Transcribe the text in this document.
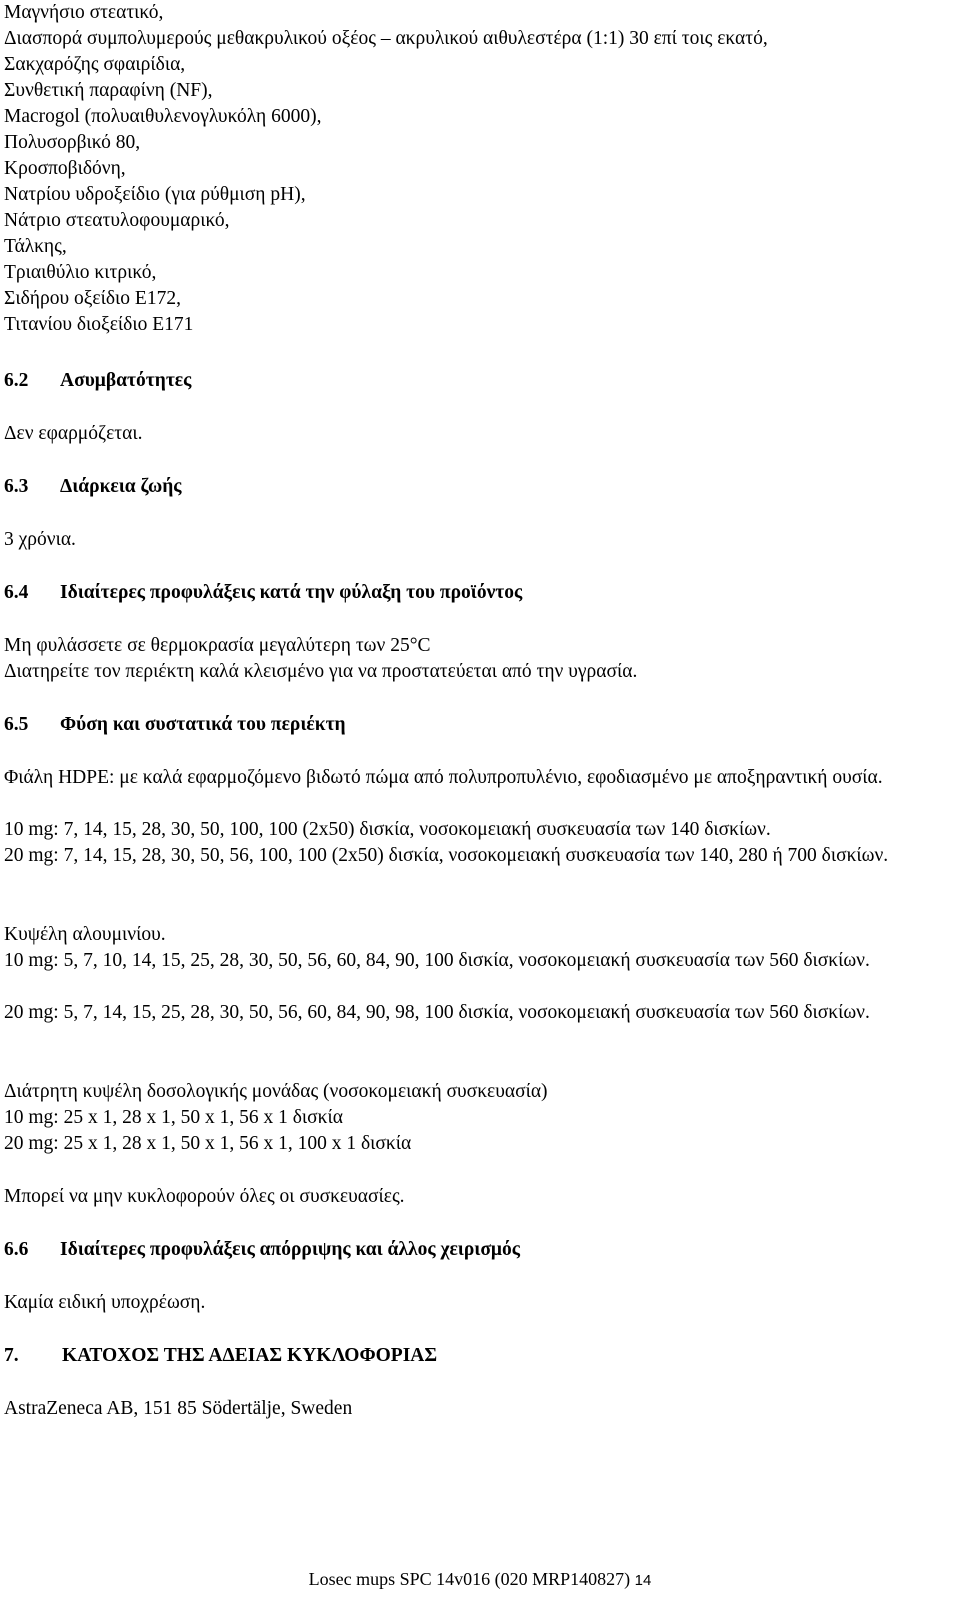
Μαγνήσιο στεατικό,
Διασπορά συμπολυμερούς μεθακρυλικού οξέος – ακρυλικού αιθυλεστέρα (1:1) 30 επί τοις εκατό,
Σακχαρόζης σφαιρίδια,
Συνθετική παραφίνη (NF),
Macrogol (πολυαιθυλενογλυκόλη 6000),
Πολυσορβικό 80,
Κροσποβιδόνη,
Νατρίου υδροξείδιο (για ρύθμιση pH),
Νάτριο στεατυλοφουμαρικό,
Τάλκης,
Τριαιθύλιο κιτρικό,
Σιδήρου οξείδιο E172,
Τιτανίου διοξείδιο E171
6.2 Ασυμβατότητες
Δεν εφαρμόζεται.
6.3 Διάρκεια ζωής
3 χρόνια.
6.4 Ιδιαίτερες προφυλάξεις κατά την φύλαξη του προϊόντος
Μη φυλάσσετε σε θερμοκρασία μεγαλύτερη των 25°C
Διατηρείτε τον περιέκτη καλά κλεισμένο για να προστατεύεται από την υγρασία.
6.5 Φύση και συστατικά του περιέκτη
Φιάλη HDPE: με καλά εφαρμοζόμενο βιδωτό πώμα από πολυπροπυλένιο, εφοδιασμένο με αποξηραντική ουσία.
10 mg: 7, 14, 15, 28, 30, 50, 100, 100 (2x50) δισκία, νοσοκομειακή συσκευασία των 140 δισκίων.
20 mg: 7, 14, 15, 28, 30, 50, 56, 100, 100 (2x50) δισκία, νοσοκομειακή συσκευασία των 140, 280 ή 700 δισκίων.
Κυψέλη αλουμινίου.
10 mg: 5, 7, 10, 14, 15, 25, 28, 30, 50, 56, 60, 84, 90, 100 δισκία, νοσοκομειακή συσκευασία των 560 δισκίων.
20 mg: 5, 7, 14, 15, 25, 28, 30, 50, 56, 60, 84, 90, 98, 100 δισκία, νοσοκομειακή συσκευασία των 560 δισκίων.
Διάτρητη κυψέλη δοσολογικής μονάδας (νοσοκομειακή συσκευασία)
10 mg: 25 x 1, 28 x 1, 50 x 1, 56 x 1 δισκία
20 mg: 25 x 1, 28 x 1, 50 x 1, 56 x 1, 100 x 1 δισκία
Μπορεί να μην κυκλοφορούν όλες οι συσκευασίες.
6.6 Ιδιαίτερες προφυλάξεις απόρριψης και άλλος χειρισμός
Καμία ειδική υποχρέωση.
7. ΚΑΤΟΧΟΣ ΤΗΣ ΑΔΕΙΑΣ ΚΥΚΛΟΦΟΡΙΑΣ
AstraZeneca AB, 151 85 Södertälje, Sweden
Losec mups SPC 14v016 (020 MRP140827) 14
